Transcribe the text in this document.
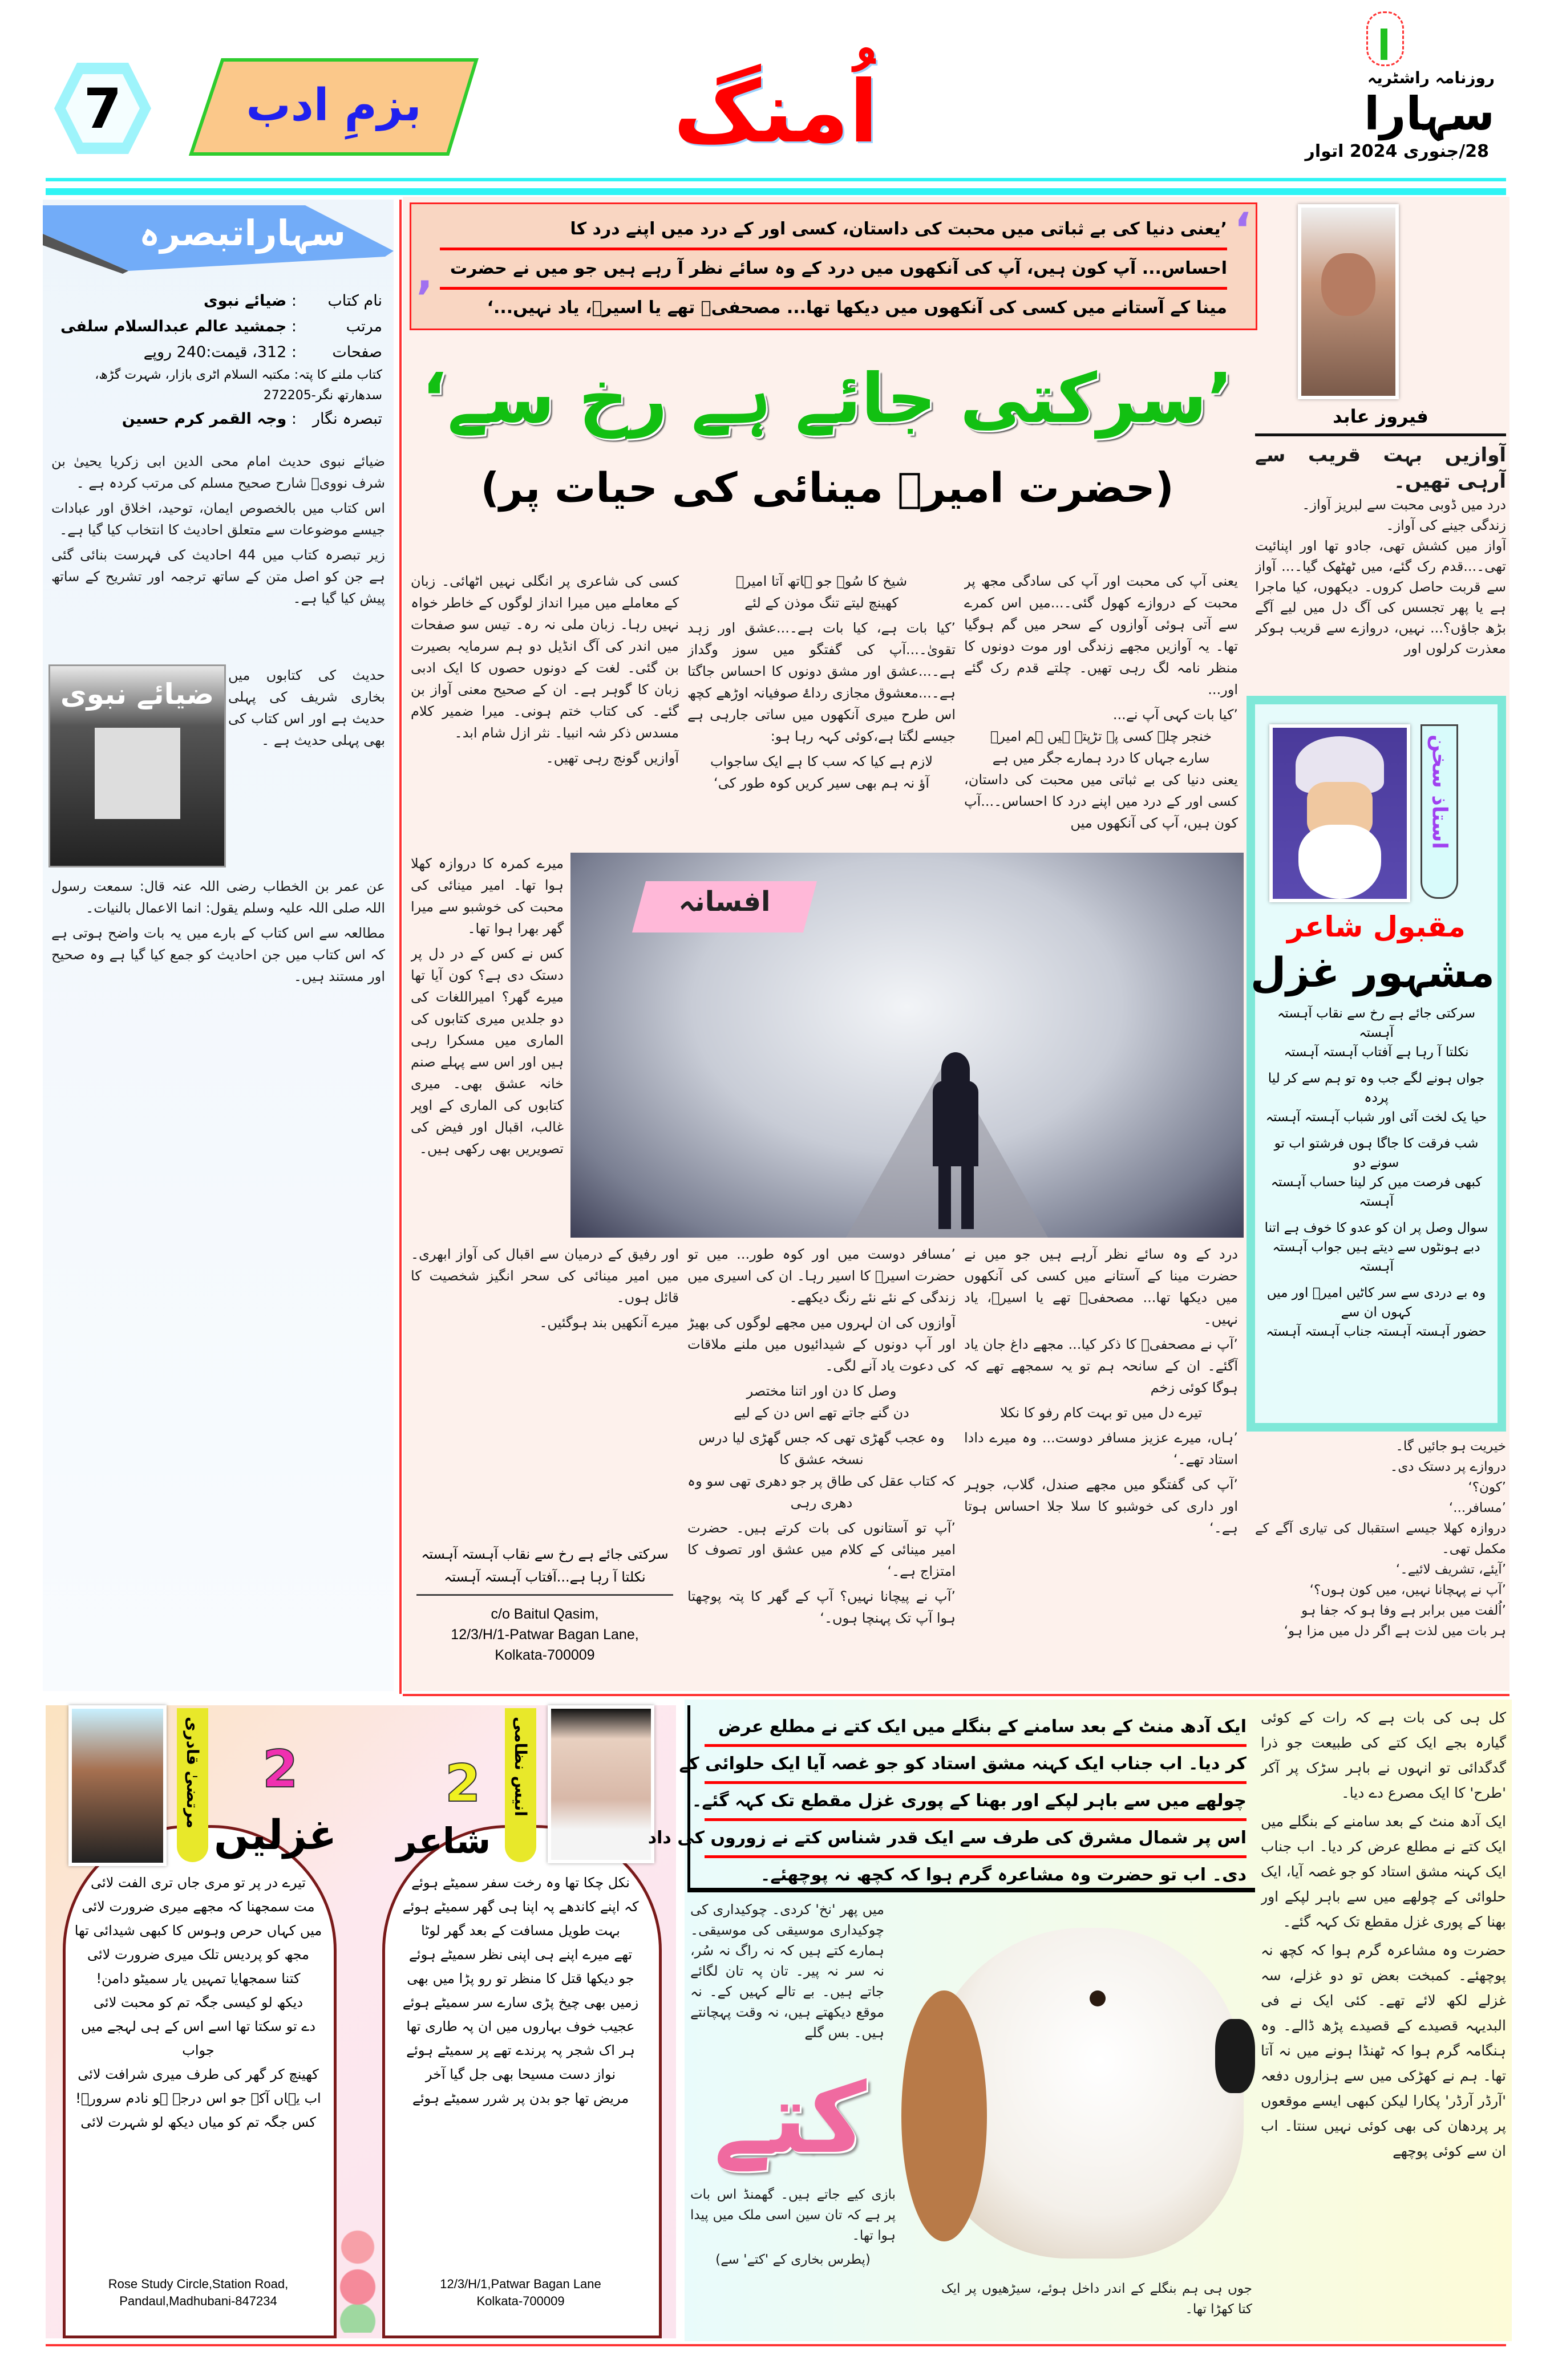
7	بزمِ ادب	اُمنگ	روزنامہ راشٹریہ
سہارا
28/جنوری 2024 اتوار
سہاراتبصرہ
نام کتاب: ضیائے نبوی
مرتب: جمشید عالم عبدالسلام سلفی
صفحات: 312، قیمت:240 روپے
کتاب ملنے کا پتہ: مکتبہ السلام اٹری بازار، شہرت گڑھ، سدھارتھ نگر-272205
تبصرہ نگار: وجہ القمر کرم حسین

ضیائے نبوی حدیث امام محی الدین ابی زکریا یحییٰ بن شرف نوویؒ شارح صحیح مسلم کی مرتب کردہ ہے ۔

اس کتاب میں بالخصوص ایمان، توحید، اخلاق اور عبادات جیسے موضوعات سے متعلق احادیث کا انتخاب کیا گیا ہے۔

زیر تبصرہ کتاب میں 44 احادیث کی فہرست بنائی گئی ہے جن کو اصل متن کے ساتھ ترجمہ اور تشریح کے ساتھ پیش کیا گیا ہے۔

ضیائے نبوی

حدیث کی کتابوں میں بخاری شریف کی پہلی حدیث ہے اور اس کتاب کی بھی پہلی حدیث ہے ۔

عن عمر بن الخطاب رضی اللہ عنہ قال: سمعت رسول اللہ صلی اللہ علیہ وسلم یقول: انما الاعمال بالنیات۔

مطالعہ سے اس کتاب کے بارے میں یہ بات واضح ہوتی ہے کہ اس کتاب میں جن احادیث کو جمع کیا گیا ہے وہ صحیح اور مستند ہیں۔

‘
’
’یعنی دنیا کی بے ثباتی میں محبت کی داستان، کسی اور کے درد میں اپنے درد کا
احساس... آپ کون ہیں، آپ کی آنکھوں میں درد کے وہ سائے نظر آ رہے ہیں جو میں نے حضرت
مینا کے آستانے میں کسی کی آنکھوں میں دیکھا تھا... مصحفیؔ تھے یا اسیرؔ، یاد نہیں...‘
’سرکتی جائے ہے رخ سے‘
(حضرت امیرؔ مینائی کی حیات پر)
فیروز عابد

آوازیں بہت قریب سے آرہی تھیں۔

درد میں ڈوبی محبت سے لبریز آواز۔

زندگی جینے کی آواز۔

آواز میں کشش تھی، جادو تھا اور اپنائیت تھی۔...قدم رک گئے، میں ٹھٹھک گیا۔... آواز سے قربت حاصل کروں۔ دیکھوں، کیا ماجرا ہے یا پھر تجسس کی آگ دل میں لیے آگے بڑھ جاؤں؟... نہیں، دروازے سے قریب ہوکر معذرت کرلوں اور

یعنی آپ کی محبت اور آپ کی سادگی مجھ پر محبت کے دروازے کھول گئی۔...میں اس کمرے سے آتی ہوئی آوازوں کے سحر میں گم ہوگیا تھا۔ یہ آوازیں مجھے زندگی اور موت دونوں کا منظر نامہ لگ رہی تھیں۔ چلتے قدم رک گئے اور...

’کیا بات کہی آپ نے...

خنجر چلے کسی پہ تڑپتے ہیں ہم امیرؔ

سارے جہاں کا درد ہمارے جگر میں ہے

یعنی دنیا کی بے ثباتی میں محبت کی داستان، کسی اور کے درد میں اپنے درد کا احساس۔...آپ کون ہیں، آپ کی آنکھوں میں

شیخ کا سُوہ جو ہاتھ آتا امیرؔ

کھینچ لیتے تنگ موذن کے لئے

’کیا بات ہے، کیا بات ہے۔...عشق اور زہد تقویٰ۔...آپ کی گفتگو میں سوز وگداز ہے۔...عشق اور مشق دونوں کا احساس جاگتا ہے۔...معشوق مجازی رداۓ صوفیانہ اوڑھے کچھ اس طرح میری آنکھوں میں ساتی جارہی ہے جیسے لگتا ہے،کوئی کہہ رہا ہو:

لازم ہے کیا کہ سب کا ہے ایک ساجواب

آؤ نہ ہم بھی سیر کریں کوہ طور کی‘

کسی کی شاعری پر انگلی نہیں اٹھائی۔ زبان کے معاملے میں میرا انداز لوگوں کے خاطر خواہ نہیں رہا۔ زبان ملی نہ رہ۔ تیس سو صفحات میں اندر کی آگ انڈیل دو ہم سرمایہ بصیرت بن گئی۔ لغت کے دونوں حصوں کا ایک ادبی زبان کا گوہر ہے۔ ان کے صحیح معنی آواز بن گئے۔ کی کتاب ختم ہونی۔ میرا ضمیر کلام مسدس ذکر شہ انبیا۔ نثر ازل شام ابد۔

آوازیں گونج رہی تھیں۔

میرے کمرہ کا دروازہ کھلا ہوا تھا۔ امیر مینائی کی محبت کی خوشبو سے میرا گھر بھرا ہوا تھا۔

کس نے کس کے در دل پر دستک دی ہے؟ کون آیا تھا میرے گھر؟ امیراللغات کی دو جلدیں میری کتابوں کی الماری میں مسکرا رہی ہیں اور اس سے پہلے صنم خانہ عشق بھی۔ میری کتابوں کی الماری کے اوپر غالب، اقبال اور فیض کی تصویریں بھی رکھی ہیں۔

افسانہ
استاذ سخن
مقبول شاعر
مشہور غزل
سرکتی جائے ہے رخ سے نقاب آہستہ آہستہ
نکلتا آ رہا ہے آفتاب آہستہ آہستہ
جواں ہونے لگے جب وہ تو ہم سے کر لیا پردہ
حیا یک لخت آئی اور شباب آہستہ آہستہ
شب فرقت کا جاگا ہوں فرشتو اب تو سونے دو
کبھی فرصت میں کر لینا حساب آہستہ آہستہ
سوال وصل پر ان کو عدو کا خوف ہے اتنا
دبے ہونٹوں سے دیتے ہیں جواب آہستہ آہستہ
وہ بے دردی سے سر کاٹیں امیرؔ اور میں کہوں ان سے
حضور آہستہ آہستہ جناب آہستہ آہستہ

خیریت ہو جائیں گا۔

دروازے پر دستک دی۔

’کون؟‘

’مسافر...‘

دروازہ کھلا جیسے استقبال کی تیاری آگے کے مکمل تھی۔

’آیئے، تشریف لائیے۔‘

’آپ نے پہچانا نہیں، میں کون ہوں؟‘

’اُلفت میں برابر ہے وفا ہو کہ جفا ہو

ہر بات میں لذت ہے اگر دل میں مزا ہو‘

درد کے وہ سائے نظر آرہے ہیں جو میں نے حضرت مینا کے آستانے میں کسی کی آنکھوں میں دیکھا تھا... مصحفیؔ تھے یا اسیرؔ، یاد نہیں۔

’آپ نے مصحفیؔ کا ذکر کیا... مجھے داغ جان یاد آگئے۔ ان کے سانحہ ہم تو یہ سمجھے تھے کہ ہوگا کوئی زخم

تیرے دل میں تو بہت کام رفو کا نکلا

’ہاں، میرے عزیز مسافر دوست... وہ میرے دادا استاد تھے۔‘

’آپ کی گفتگو میں مجھے صندل، گلاب، جوہر اور داری کی خوشبو کا سلا جلا احساس ہوتا ہے۔‘

’مسافر دوست میں اور کوہ طور... میں تو حضرت اسیرؔ کا اسیر رہا۔ ان کی اسیری میں زندگی کے نئے نئے رنگ دیکھے۔

آوازوں کی ان لہروں میں مجھے لوگوں کی بھیڑ اور آپ دونوں کے شیدائیوں میں ملنے ملاقات کی دعوت یاد آنے لگی۔

وصل کا دن اور اتنا مختصر

دن گنے جاتے تھے اس دن کے لیے

وہ عجب گھڑی تھی کہ جس گھڑی لیا درس نسخہ عشق کا

کہ کتاب عقل کی طاق پر جو دھری تھی سو وہ دھری رہی

’آپ تو آستانوں کی بات کرتے ہیں۔ حضرت امیر مینائی کے کلام میں عشق اور تصوف کا امتزاج ہے۔‘

’آپ نے پیچانا نہیں؟ آپ کے گھر کا پتہ پوچھتا ہوا آپ تک پہنچا ہوں۔‘

اور رفیق کے درمیان سے اقبال کی آواز ابھری۔ میں امیر مینائی کی سحر انگیز شخصیت کا قائل ہوں۔

میرے آنکھیں بند ہوگئیں۔

سرکتی جائے ہے رخ سے نقاب آہستہ آہستہ
نکلتا آ رہا ہے...آفتاب آہستہ آہستہ
c/o Baitul Qasim,
12/3/H/1-Patwar Bagan Lane,
Kolkata-700009
مرتضیٰ قادری 2
غزلیں
تیرے در پر تو مری جاں تری الفت لائی
مت سمجھنا کہ مجھے میری ضرورت لائی
میں کہاں حرص وہوس کا کبھی شیدائی تھا
مجھ کو پردیس تلک میری ضرورت لائی
کتنا سمجھایا تمہیں یار سمیٹو دامن!
دیکھ لو کیسی جگہ تم کو محبت لائی
دے تو سکتا تھا اسے اس کے ہی لہجے میں جواب
کھینچ کر گھر کی طرف میری شرافت لائی
اب یہاں آکے جو اس درجہ ہو نادم سرورؔ!
کس جگہ تم کو میاں دیکھ لو شہرت لائی
Rose Study Circle,Station Road,
Pandaul,Madhubani-847234
انیس نظامی
2
شاعر
نکل چکا تھا وہ رخت سفر سمیٹے ہوئے
کہ اپنے کاندھے پہ اپنا ہی گھر سمیٹے ہوئے
بہت طویل مسافت کے بعد گھر لوٹا
تھے میرے اپنے ہی اپنی نظر سمیٹے ہوئے
جو دیکھا قتل کا منظر تو رو پڑا میں بھی
زمیں بھی چیخ پڑی سارے سر سمیٹے ہوئے
عجیب خوف بہاروں میں ان پہ طاری تھا
ہر اک شجر پہ پرندے تھے پر سمیٹے ہوئے
نواز دست مسیحا بھی جل گیا آخر
مریض تھا جو بدن پر شرر سمیٹے ہوئے
12/3/H/1,Patwar Bagan Lane
Kolkata-700009
ایک آدھ منٹ کے بعد سامنے کے بنگلے میں ایک کتے نے مطلع عرض
کر دیا۔ اب جناب ایک کہنہ مشق استاد کو جو غصہ آیا ایک حلوائی کے
چولھے میں سے باہر لپکے اور بھنا کے پوری غزل مقطع تک کہہ گئے۔
اس پر شمال مشرق کی طرف سے ایک قدر شناس کتے نے زوروں کی داد
دی۔ اب تو حضرت وہ مشاعرہ گرم ہوا کہ کچھ نہ پوچھئے۔

میں پھر 'نخ' کردی۔ چوکیداری کی چوکیداری موسیقی کی موسیقی۔ ہمارے کتے ہیں کہ نہ راگ نہ سُر، نہ سر نہ پیر۔ تان پہ تان لگائے جاتے ہیں۔ بے تالے کہیں کے۔ نہ موقع دیکھتے ہیں، نہ وقت پہچانتے ہیں۔ بس گلے

کتے

بازی کیے جاتے ہیں۔ گھمنڈ اس بات پر ہے کہ تان سین اسی ملک میں پیدا ہوا تھا۔

(پطرس بخاری کے 'کتے' سے)

جوں ہی ہم بنگلے کے اندر داخل ہوئے، سیڑھیوں پر ایک کتا کھڑا تھا۔

کل ہی کی بات ہے کہ رات کے کوئی گیارہ بجے ایک کتے کی طبیعت جو ذرا گدگدائی تو انہوں نے باہر سڑک پر آکر 'طرح' کا ایک مصرع دے دیا۔

ایک آدھ منٹ کے بعد سامنے کے بنگلے میں ایک کتے نے مطلع عرض کر دیا۔ اب جناب ایک کہنہ مشق استاد کو جو غصہ آیا، ایک حلوائی کے چولھے میں سے باہر لپکے اور بھنا کے پوری غزل مقطع تک کہہ گئے۔

حضرت وہ مشاعرہ گرم ہوا کہ کچھ نہ پوچھئے۔ کمبخت بعض تو دو غزلے، سہ غزلے لکھ لائے تھے۔ کئی ایک نے فی البدیہہ قصیدے کے قصیدے پڑھ ڈالے۔ وہ ہنگامہ گرم ہوا کہ ٹھنڈا ہونے میں نہ آتا تھا۔ ہم نے کھڑکی میں سے ہزاروں دفعہ 'آرڈر آرڈر' پکارا لیکن کبھی ایسے موقعوں پر پردھان کی بھی کوئی نہیں سنتا۔ اب ان سے کوئی پوچھے
